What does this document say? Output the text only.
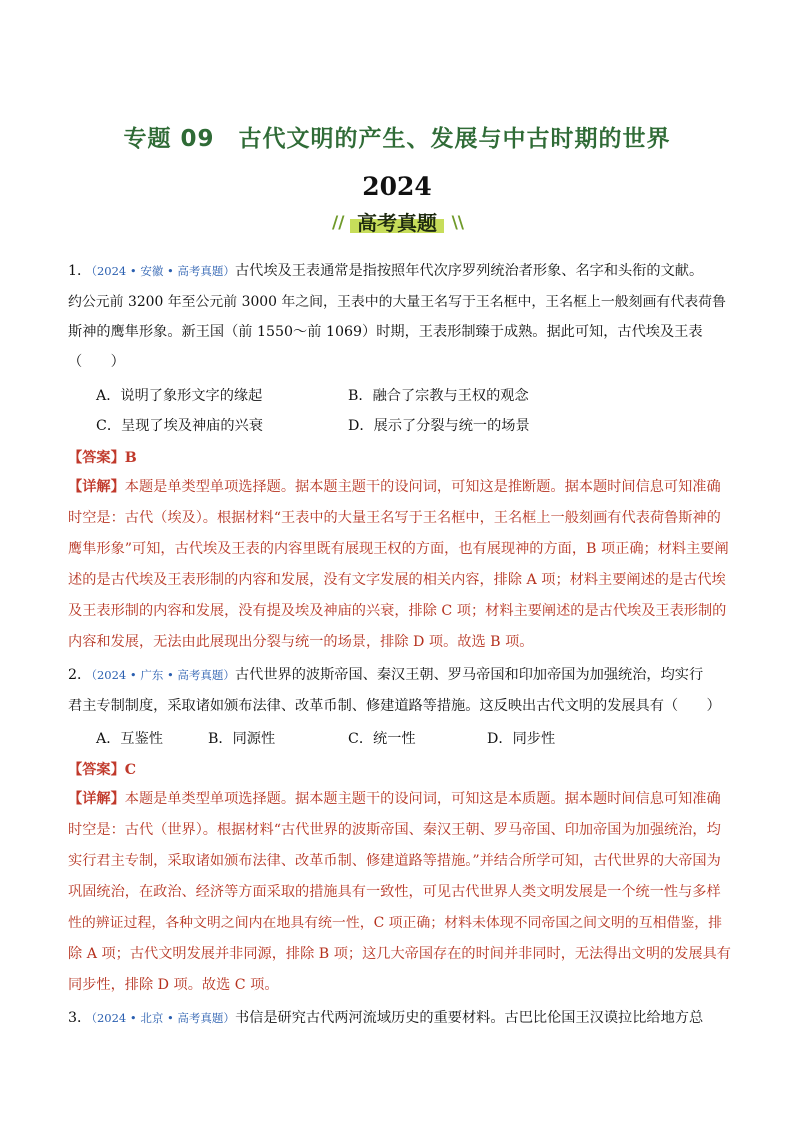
专题 09　古代文明的产生、发展与中古时期的世界
2024
//	\\
高考真题
1．（2024 • 安徽 • 高考真题）古代埃及王表通常是指按照年代次序罗列统治者形象、名字和头衔的文献。
约公元前 3200 年至公元前 3000 年之间，王表中的大量王名写于王名框中，王名框上一般刻画有代表荷鲁
斯神的鹰隼形象。新王国（前 1550～前 1069）时期，王表形制臻于成熟。据此可知，古代埃及王表
（　　）
A．说明了象形文字的缘起	B．融合了宗教与王权的观念
C．呈现了埃及神庙的兴衰	D．展示了分裂与统一的场景
【答案】B
【详解】本题是单类型单项选择题。据本题主题干的设问词，可知这是推断题。据本题时间信息可知准确
时空是：古代（埃及）。根据材料“王表中的大量王名写于王名框中，王名框上一般刻画有代表荷鲁斯神的
鹰隼形象”可知，古代埃及王表的内容里既有展现王权的方面，也有展现神的方面，B 项正确；材料主要阐
述的是古代埃及王表形制的内容和发展，没有文字发展的相关内容，排除 A 项；材料主要阐述的是古代埃
及王表形制的内容和发展，没有提及埃及神庙的兴衰，排除 C 项；材料主要阐述的是古代埃及王表形制的
内容和发展，无法由此展现出分裂与统一的场景，排除 D 项。故选 B 项。
2．（2024 • 广东 • 高考真题）古代世界的波斯帝国、秦汉王朝、罗马帝国和印加帝国为加强统治，均实行
君主专制制度，采取诸如颁布法律、改革币制、修建道路等措施。这反映出古代文明的发展具有（　　）
A．互鉴性	B．同源性	C．统一性	D．同步性
【答案】C
【详解】本题是单类型单项选择题。据本题主题干的设问词，可知这是本质题。据本题时间信息可知准确
时空是：古代（世界）。根据材料“古代世界的波斯帝国、秦汉王朝、罗马帝国、印加帝国为加强统治，均
实行君主专制，采取诸如颁布法律、改革币制、修建道路等措施。”并结合所学可知，古代世界的大帝国为
巩固统治，在政治、经济等方面采取的措施具有一致性，可见古代世界人类文明发展是一个统一性与多样
性的辨证过程，各种文明之间内在地具有统一性，C 项正确；材料未体现不同帝国之间文明的互相借鉴，排
除 A 项；古代文明发展并非同源，排除 B 项；这几大帝国存在的时间并非同时，无法得出文明的发展具有
同步性，排除 D 项。故选 C 项。
3．（2024 • 北京 • 高考真题）书信是研究古代两河流域历史的重要材料。古巴比伦国王汉谟拉比给地方总
